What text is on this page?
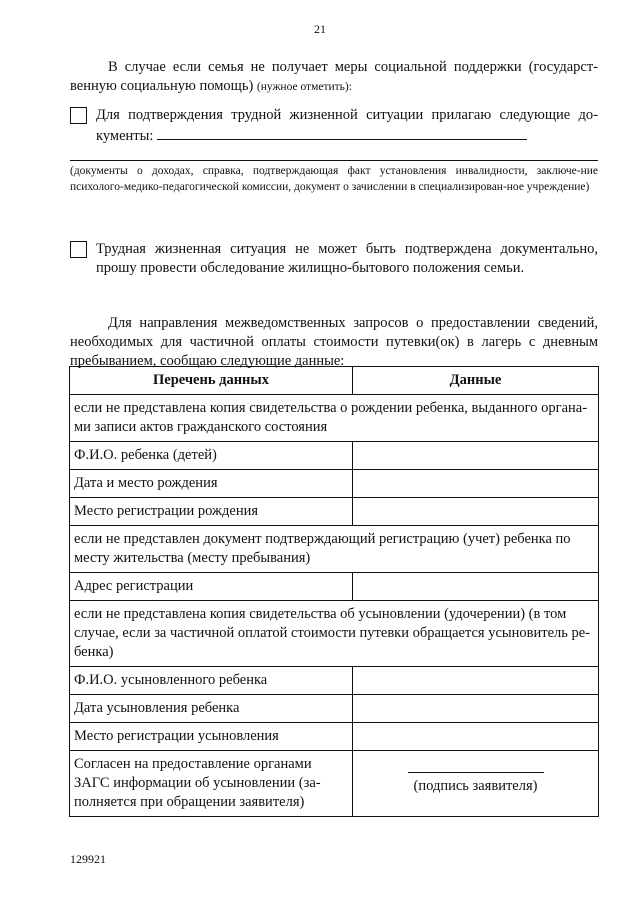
21
В случае если семья не получает меры социальной поддержки (государст-венную социальную помощь) (нужное отметить):
Для подтверждения трудной жизненной ситуации прилагаю следующие до-кументы:
(документы о доходах, справка, подтверждающая факт установления инвалидности, заключе-ние психолого-медико-педагогической комиссии, документ о зачислении в специализирован-ное учреждение)
Трудная жизненная ситуация не может быть подтверждена документально, прошу провести обследование жилищно-бытового положения семьи.
Для направления межведомственных запросов о предоставлении сведений, необходимых для частичной оплаты стоимости путевки(ок) в лагерь с дневным пребыванием, сообщаю следующие данные:
Перечень данных	Данные
если не представлена копия свидетельства о рождении ребенка, выданного органа-ми записи актов гражданского состояния	
Ф.И.О. ребенка (детей)	
Дата и место рождения	
Место регистрации рождения	
если не представлен документ подтверждающий регистрацию (учет) ребенка по месту жительства (месту пребывания)	
Адрес регистрации	
если не представлена копия свидетельства об усыновлении (удочерении) (в том случае, если за частичной оплатой стоимости путевки обращается усыновитель ре-бенка)	
Ф.И.О. усыновленного ребенка	
Дата усыновления ребенка	
Место регистрации усыновления	
Согласен на предоставление органами ЗАГС информации об усыновлении (за-полняется при обращении заявителя)	(подпись заявителя)
129921
